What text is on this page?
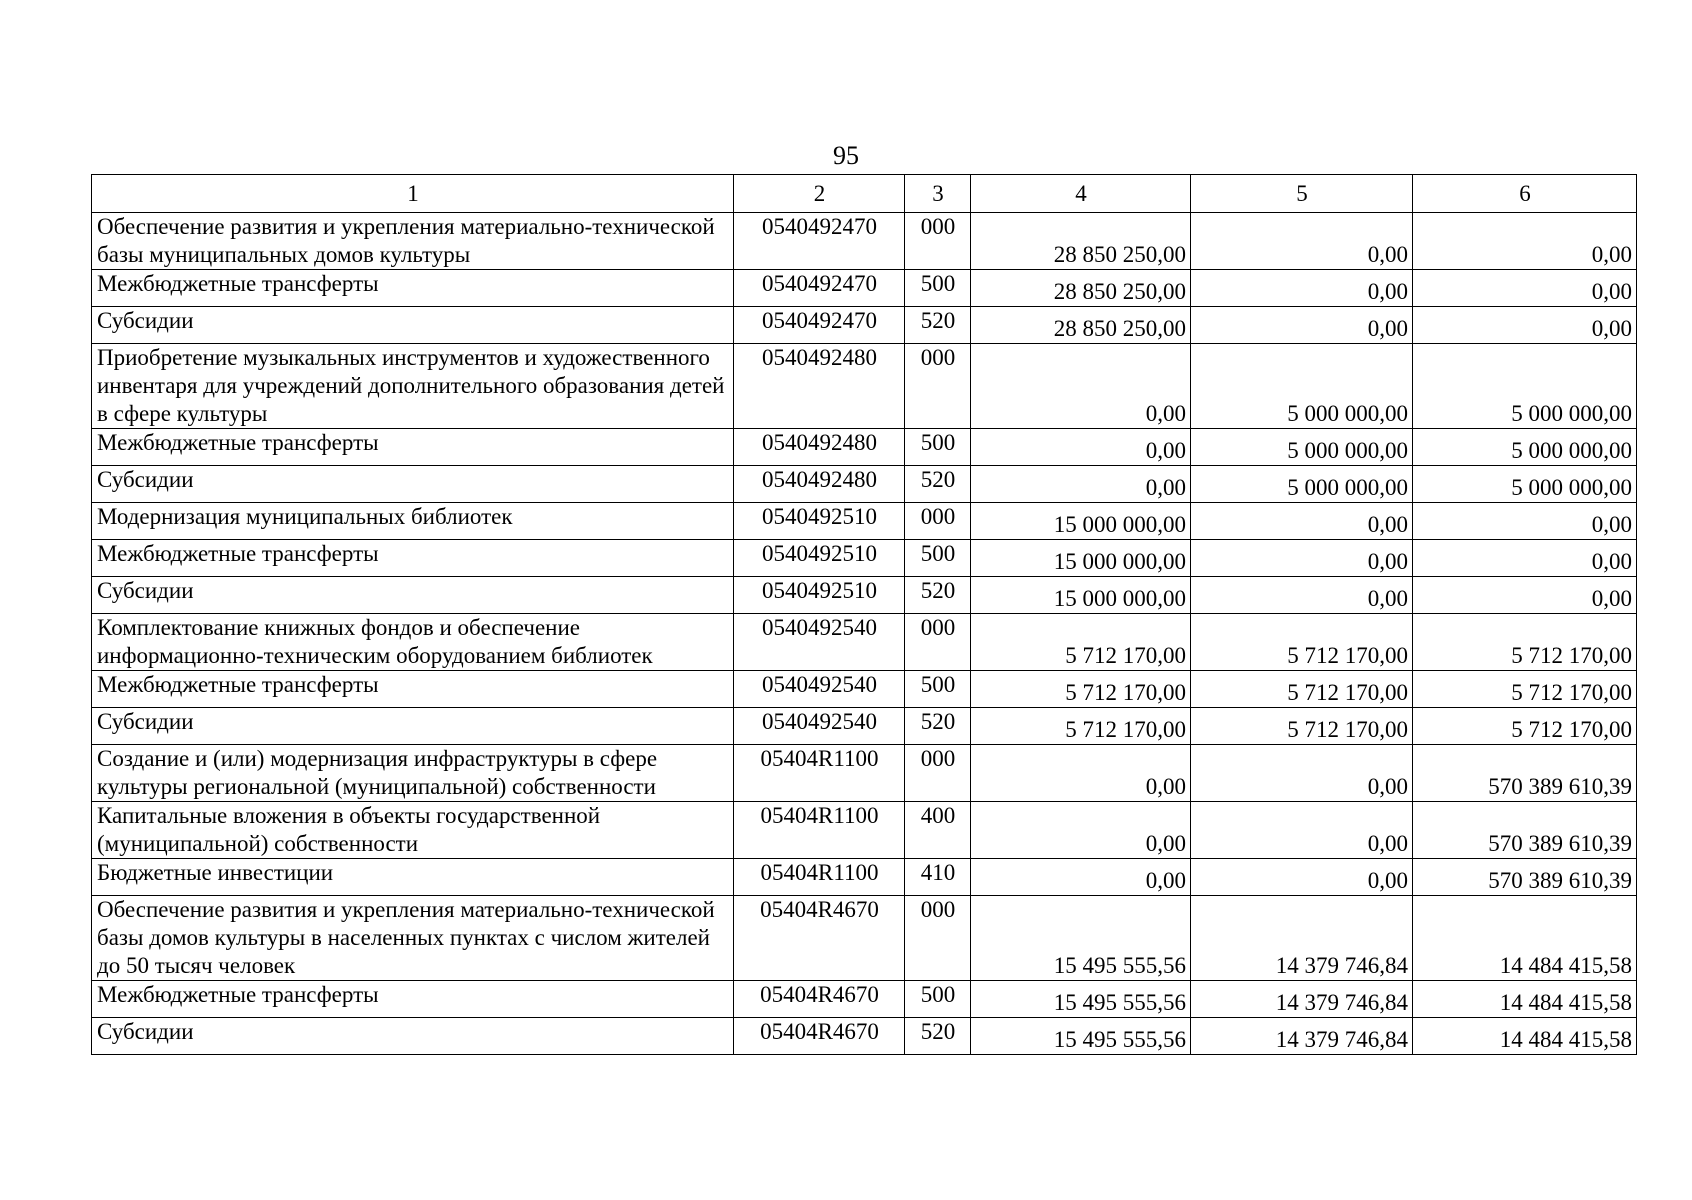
95
1	2	3	4	5	6
Обеспечение развития и укрепления материально-технической базы муниципальных домов культуры	0540492470	000	28 850 250,00	0,00	0,00
Межбюджетные трансферты	0540492470	500	28 850 250,00	0,00	0,00
Субсидии	0540492470	520	28 850 250,00	0,00	0,00
Приобретение музыкальных инструментов и художественного инвентаря для учреждений дополнительного образования детей в сфере культуры	0540492480	000	0,00	5 000 000,00	5 000 000,00
Межбюджетные трансферты	0540492480	500	0,00	5 000 000,00	5 000 000,00
Субсидии	0540492480	520	0,00	5 000 000,00	5 000 000,00
Модернизация муниципальных библиотек	0540492510	000	15 000 000,00	0,00	0,00
Межбюджетные трансферты	0540492510	500	15 000 000,00	0,00	0,00
Субсидии	0540492510	520	15 000 000,00	0,00	0,00
Комплектование книжных фондов и обеспечение информационно-техническим оборудованием библиотек	0540492540	000	5 712 170,00	5 712 170,00	5 712 170,00
Межбюджетные трансферты	0540492540	500	5 712 170,00	5 712 170,00	5 712 170,00
Субсидии	0540492540	520	5 712 170,00	5 712 170,00	5 712 170,00
Создание и (или) модернизация инфраструктуры в сфере культуры региональной (муниципальной) собственности	05404R1100	000	0,00	0,00	570 389 610,39
Капитальные вложения в объекты государственной (муниципальной) собственности	05404R1100	400	0,00	0,00	570 389 610,39
Бюджетные инвестиции	05404R1100	410	0,00	0,00	570 389 610,39
Обеспечение развития и укрепления материально-технической базы домов культуры в населенных пунктах с числом жителей до 50 тысяч человек	05404R4670	000	15 495 555,56	14 379 746,84	14 484 415,58
Межбюджетные трансферты	05404R4670	500	15 495 555,56	14 379 746,84	14 484 415,58
Субсидии	05404R4670	520	15 495 555,56	14 379 746,84	14 484 415,58
